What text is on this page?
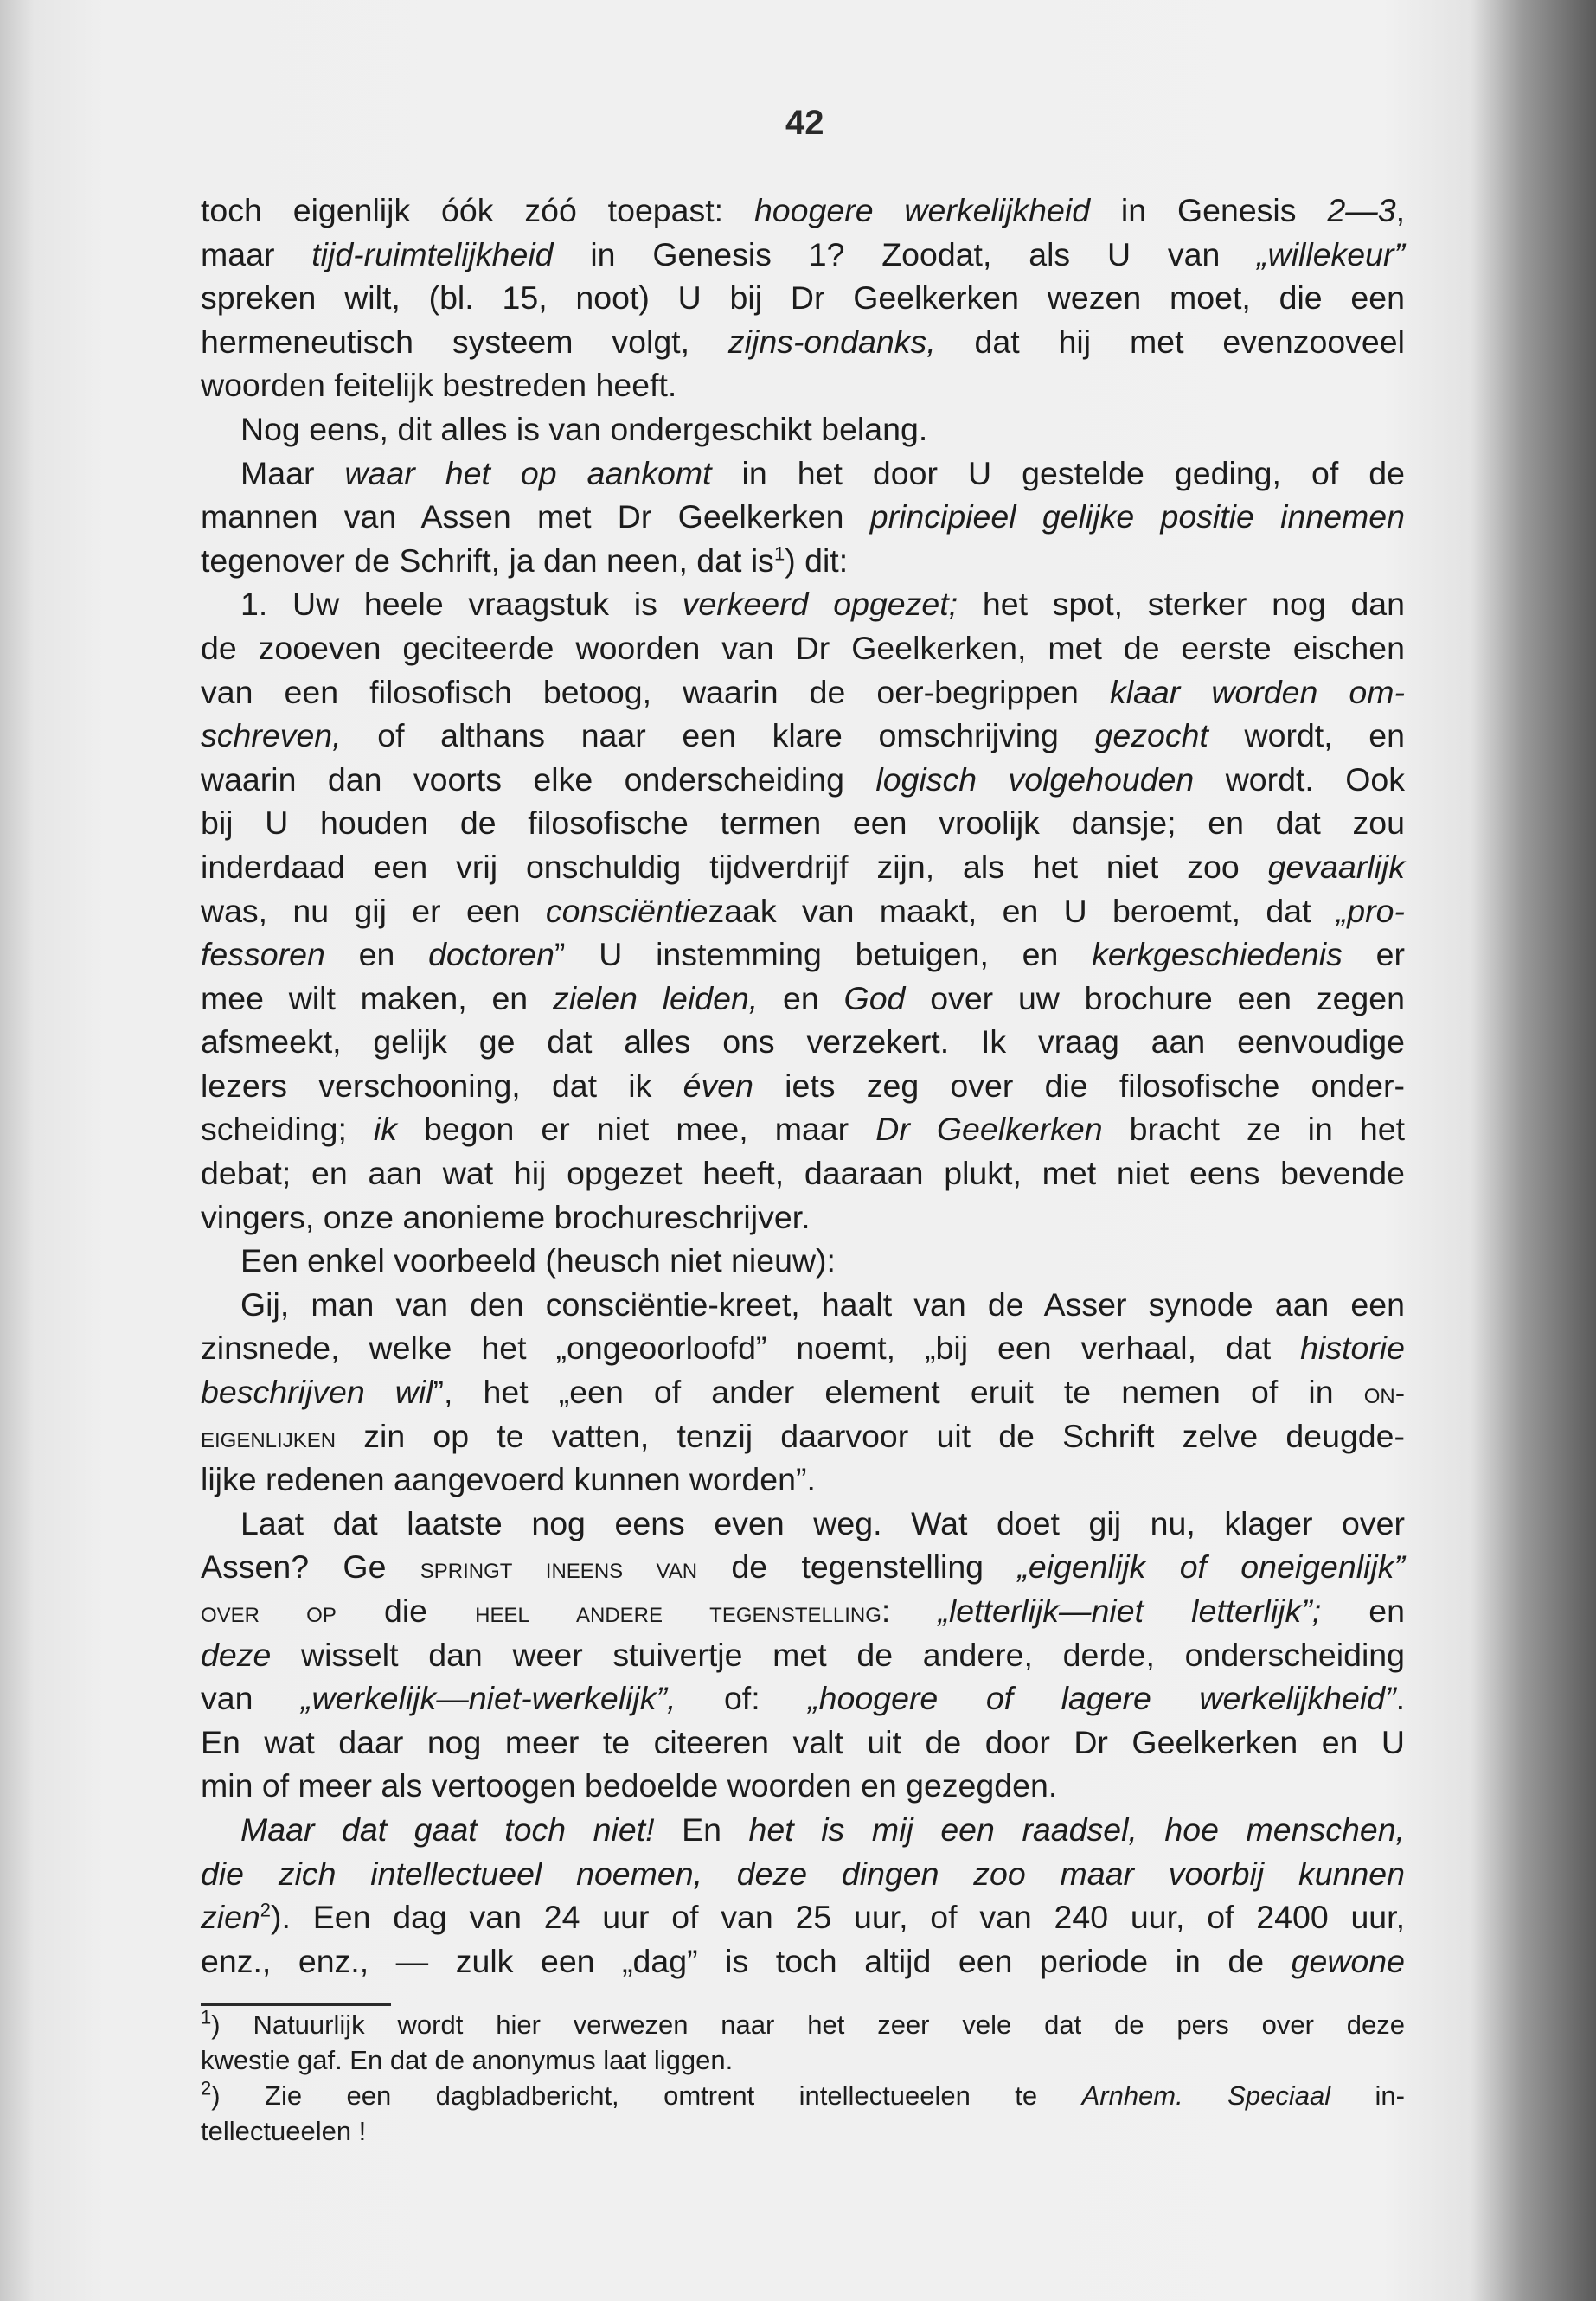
42
toch eigenlijk óók zóó toepast: hoogere werkelijkheid in Genesis 2—3,
maar tijd-ruimtelijkheid in Genesis 1? Zoodat, als U van „willekeur”
spreken wilt, (bl. 15, noot) U bij Dr Geelkerken wezen moet, die een
hermeneutisch systeem volgt, zijns-ondanks, dat hij met evenzooveel
woorden feitelijk bestreden heeft.
Nog eens, dit alles is van ondergeschikt belang.
Maar waar het op aankomt in het door U gestelde geding, of de
mannen van Assen met Dr Geelkerken principieel gelijke positie innemen
tegenover de Schrift, ja dan neen, dat $is^1$) dit:
1. Uw heele vraagstuk is verkeerd opgezet; het spot, sterker nog dan
de zooeven geciteerde woorden van Dr Geelkerken, met de eerste eischen
van een filosofisch betoog, waarin de oer-begrippen klaar worden om-
schreven, of althans naar een klare omschrijving gezocht wordt, en
waarin dan voorts elke onderscheiding logisch volgehouden wordt. Ook
bij U houden de filosofische termen een vroolijk dansje; en dat zou
inderdaad een vrij onschuldig tijdverdrijf zijn, als het niet zoo gevaarlijk
was, nu gij er een consciëntiezaak van maakt, en U beroemt, dat „pro-
fessoren en doctoren” U instemming betuigen, en kerkgeschiedenis er
mee wilt maken, en zielen leiden, en God over uw brochure een zegen
afsmeekt, gelijk ge dat alles ons verzekert. Ik vraag aan eenvoudige
lezers verschooning, dat ik éven iets zeg over die filosofische onder-
scheiding; ik begon er niet mee, maar Dr Geelkerken bracht ze in het
debat; en aan wat hij opgezet heeft, daaraan plukt, met niet eens bevende
vingers, onze anonieme brochureschrijver.
Een enkel voorbeeld (heusch niet nieuw):
Gij, man van den consciëntie-kreet, haalt van de Asser synode aan een
zinsnede, welke het „ongeoorloofd” noemt, „bij een verhaal, dat historie
beschrijven wil”, het „een of ander element eruit te nemen of in on-
eigenlijken zin op te vatten, tenzij daarvoor uit de Schrift zelve deugde-
lijke redenen aangevoerd kunnen worden”.
Laat dat laatste nog eens even weg. Wat doet gij nu, klager over
Assen? Ge springt ineens van de tegenstelling „eigenlijk of oneigenlijk”
over op die heel andere tegenstelling: „letterlijk—niet letterlijk”; en
deze wisselt dan weer stuivertje met de andere, derde, onderscheiding
van „werkelijk—niet-werkelijk”, of: „hoogere of lagere werkelijkheid”.
En wat daar nog meer te citeeren valt uit de door Dr Geelkerken en U
min of meer als vertoogen bedoelde woorden en gezegden.
Maar dat gaat toch niet! En het is mij een raadsel, hoe menschen,
die zich intellectueel noemen, deze dingen zoo maar voorbij kunnen
zien$^2$). Een dag van 24 uur of van 25 uur, of van 240 uur, of 2400 uur,
enz., enz., — zulk een „dag” is toch altijd een periode in de gewone
$^1$) Natuurlijk wordt hier verwezen naar het zeer vele dat de pers over deze
kwestie gaf. En dat de anonymus laat liggen.
$^2$) Zie een dagbladbericht, omtrent intellectueelen te Arnhem. Speciaal in-
tellectueelen !
